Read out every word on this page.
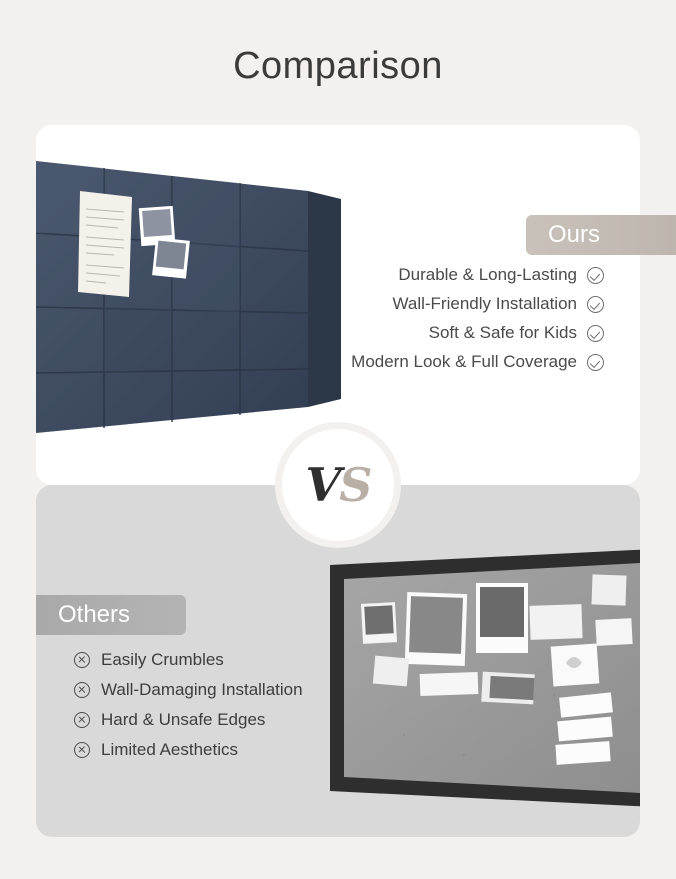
Comparison
Ours
Durable & Long-Lasting
Wall-Friendly Installation
Soft & Safe for Kids
Modern Look & Full Coverage
V S
Others
Easily Crumbles
Wall-Damaging Installation
Hard & Unsafe Edges
Limited Aesthetics
